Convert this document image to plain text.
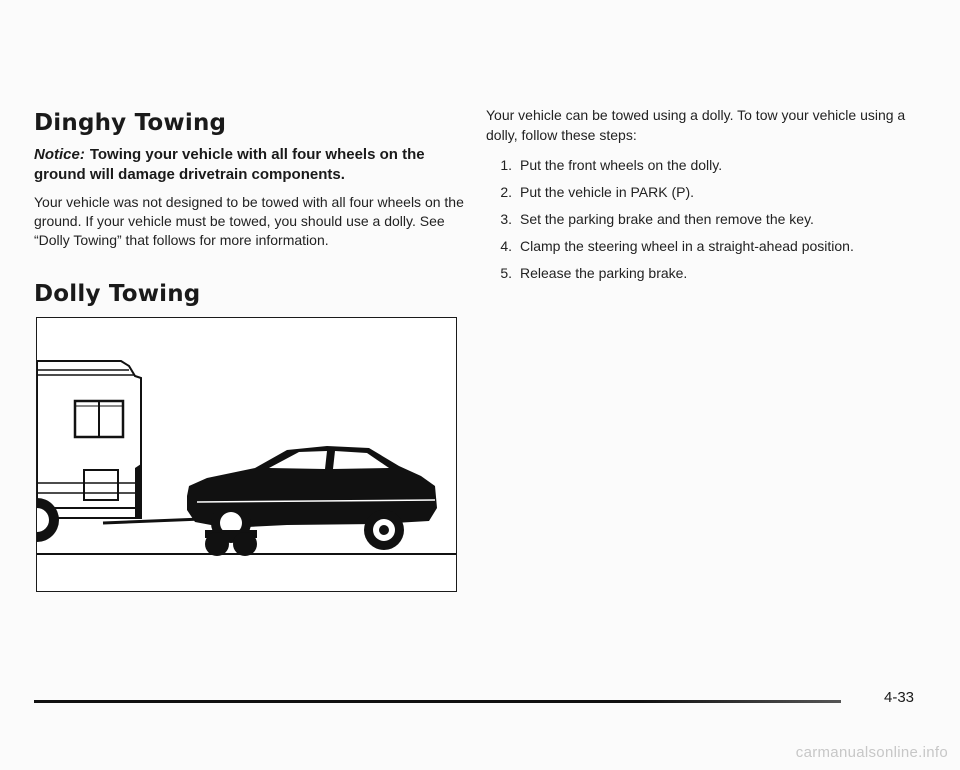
Dinghy Towing

Notice: Towing your vehicle with all four wheels on the ground will damage drivetrain components.

Your vehicle was not designed to be towed with all four wheels on the ground. If your vehicle must be towed, you should use a dolly. See “Dolly Towing” that follows for more information.

Dolly Towing

Your vehicle can be towed using a dolly. To tow your vehicle using a dolly, follow these steps:

1. Put the front wheels on the dolly.
2. Put the vehicle in PARK (P).
3. Set the parking brake and then remove the key.
4. Clamp the steering wheel in a straight-ahead position.
5. Release the parking brake.
4-33
carmanualsonline.info
